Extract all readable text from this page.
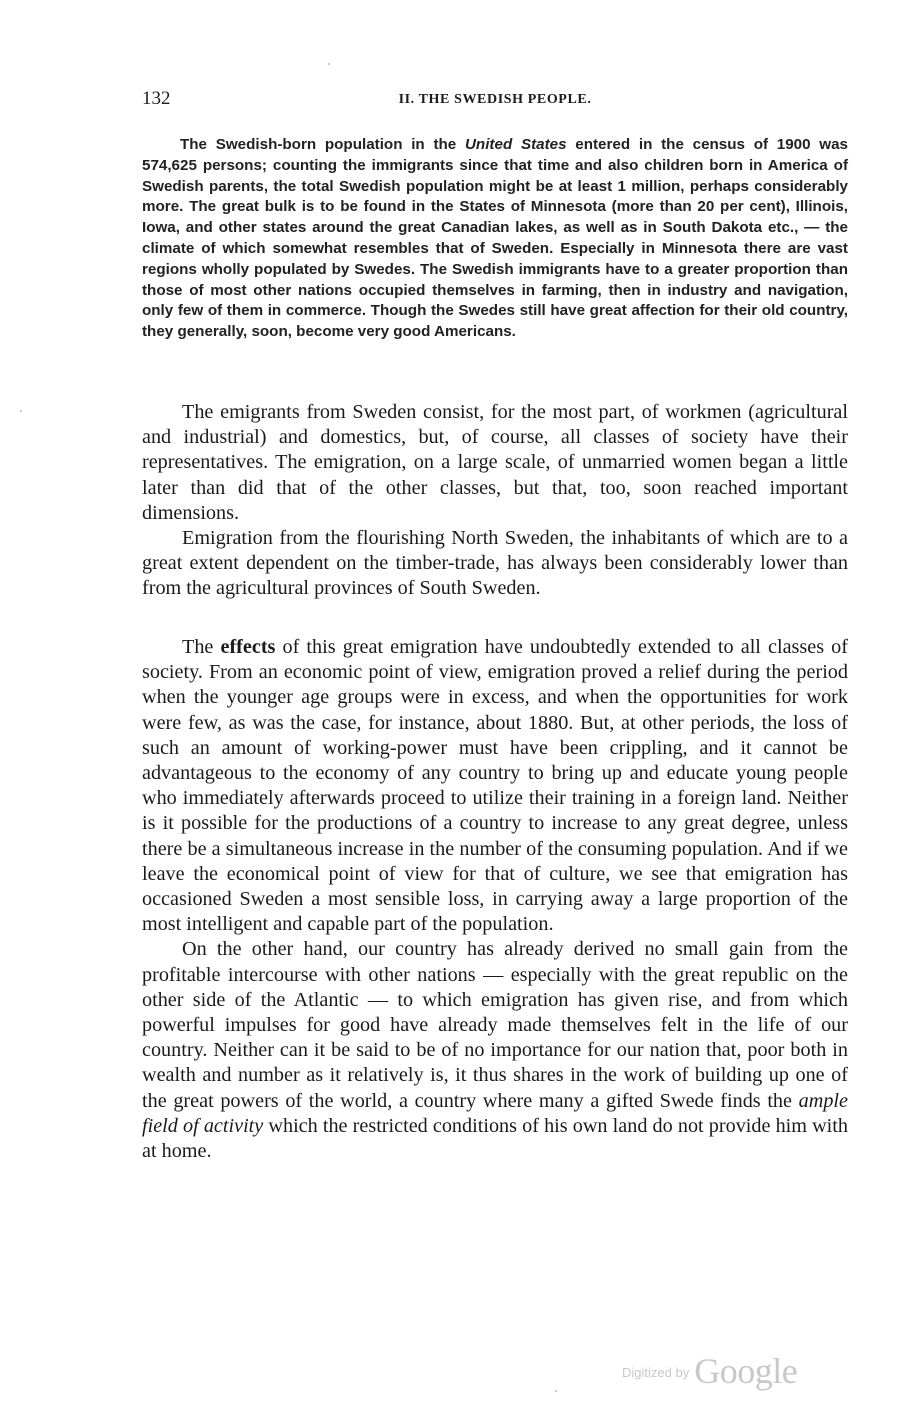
132	II. THE SWEDISH PEOPLE.

The Swedish-born population in the United States entered in the census of 1900 was 574,625 persons; counting the immigrants since that time and also children born in America of Swedish parents, the total Swedish population might be at least 1 million, perhaps considerably more. The great bulk is to be found in the States of Minnesota (more than 20 per cent), Illinois, Iowa, and other states around the great Canadian lakes, as well as in South Dakota etc., — the climate of which somewhat resembles that of Sweden. Especially in Minnesota there are vast regions wholly populated by Swedes. The Swedish immigrants have to a greater proportion than those of most other nations occupied themselves in farming, then in industry and navigation, only few of them in commerce. Though the Swedes still have great affection for their old country, they generally, soon, become very good Americans.

The emigrants from Sweden consist, for the most part, of workmen (agricultural and industrial) and domestics, but, of course, all classes of society have their representatives. The emigration, on a large scale, of unmarried women began a little later than did that of the other classes, but that, too, soon reached important dimensions.

Emigration from the flourishing North Sweden, the inhabitants of which are to a great extent dependent on the timber-trade, has always been considerably lower than from the agricultural provinces of South Sweden.

The effects of this great emigration have undoubtedly extended to all classes of society. From an economic point of view, emigration proved a relief during the period when the younger age groups were in excess, and when the opportunities for work were few, as was the case, for instance, about 1880. But, at other periods, the loss of such an amount of working-power must have been crippling, and it cannot be advantageous to the economy of any country to bring up and educate young people who immediately afterwards proceed to utilize their training in a foreign land. Neither is it possible for the productions of a country to increase to any great degree, unless there be a simultaneous increase in the number of the consuming population. And if we leave the economical point of view for that of culture, we see that emigration has occasioned Sweden a most sensible loss, in carrying away a large proportion of the most intelligent and capable part of the population.

On the other hand, our country has already derived no small gain from the profitable intercourse with other nations — especially with the great republic on the other side of the Atlantic — to which emigration has given rise, and from which powerful impulses for good have already made themselves felt in the life of our country. Neither can it be said to be of no importance for our nation that, poor both in wealth and number as it relatively is, it thus shares in the work of building up one of the great powers of the world, a country where many a gifted Swede finds the ample field of activity which the restricted conditions of his own land do not provide him with at home.

$^{Digitized by}$ Google
